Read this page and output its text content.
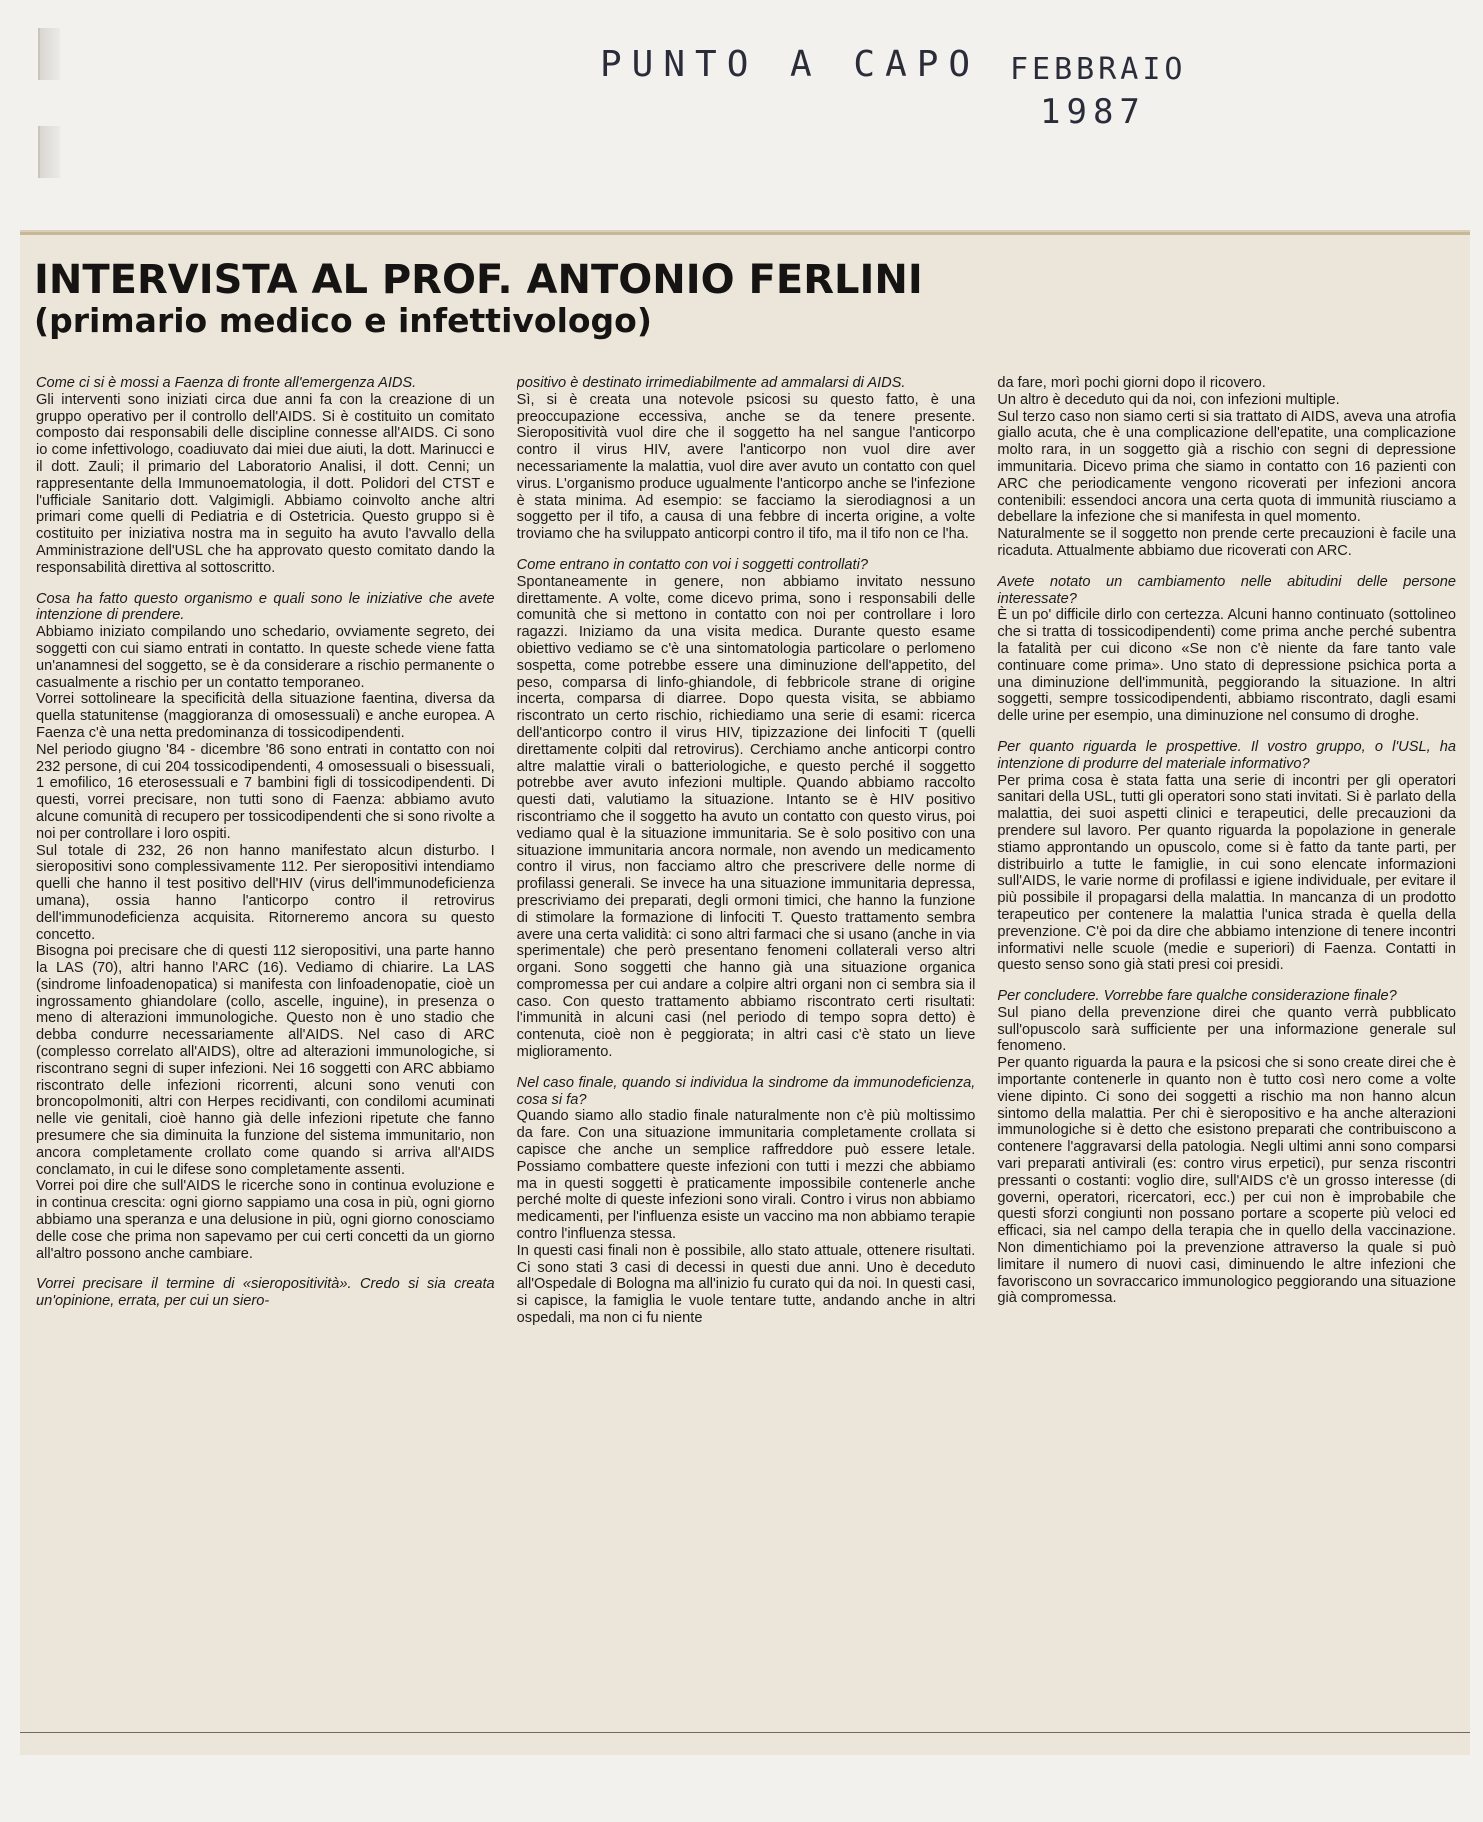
PUNTO A CAPO FEBBRAIO
1987
INTERVISTA AL PROF. ANTONIO FERLINI
(primario medico e infettivologo)

Come ci si è mossi a Faenza di fronte all'emergenza AIDS.

Gli interventi sono iniziati circa due anni fa con la creazione di un gruppo operativo per il controllo dell'AIDS. Si è costituito un comitato composto dai responsabili delle discipline connesse all'AIDS. Ci sono io come infettivologo, coadiuvato dai miei due aiuti, la dott. Marinucci e il dott. Zauli; il primario del Laboratorio Analisi, il dott. Cenni; un rappresentante della Immunoematologia, il dott. Polidori del CTST e l'ufficiale Sanitario dott. Valgimigli. Abbiamo coinvolto anche altri primari come quelli di Pediatria e di Ostetricia. Questo gruppo si è costituito per iniziativa nostra ma in seguito ha avuto l'avvallo della Amministrazione dell'USL che ha approvato questo comitato dando la responsabilità direttiva al sottoscritto.

Cosa ha fatto questo organismo e quali sono le iniziative che avete intenzione di prendere.

Abbiamo iniziato compilando uno schedario, ovviamente segreto, dei soggetti con cui siamo entrati in contatto. In queste schede viene fatta un'anamnesi del soggetto, se è da considerare a rischio permanente o casualmente a rischio per un contatto temporaneo.

Vorrei sottolineare la specificità della situazione faentina, diversa da quella statunitense (maggioranza di omosessuali) e anche europea. A Faenza c'è una netta predominanza di tossicodipendenti.

Nel periodo giugno '84 - dicembre '86 sono entrati in contatto con noi 232 persone, di cui 204 tossicodipendenti, 4 omosessuali o bisessuali, 1 emofilico, 16 eterosessuali e 7 bambini figli di tossicodipendenti. Di questi, vorrei precisare, non tutti sono di Faenza: abbiamo avuto alcune comunità di recupero per tossicodipendenti che si sono rivolte a noi per controllare i loro ospiti.

Sul totale di 232, 26 non hanno manifestato alcun disturbo. I sieropositivi sono complessivamente 112. Per sieropositivi intendiamo quelli che hanno il test positivo dell'HIV (virus dell'immunodeficienza umana), ossia hanno l'anticorpo contro il retrovirus dell'immunodeficienza acquisita. Ritorneremo ancora su questo concetto.

Bisogna poi precisare che di questi 112 sieropositivi, una parte hanno la LAS (70), altri hanno l'ARC (16). Vediamo di chiarire. La LAS (sindrome linfoadenopatica) si manifesta con linfoadenopatie, cioè un ingrossamento ghiandolare (collo, ascelle, inguine), in presenza o meno di alterazioni immunologiche. Questo non è uno stadio che debba condurre necessariamente all'AIDS. Nel caso di ARC (complesso correlato all'AIDS), oltre ad alterazioni immunologiche, si riscontrano segni di super infezioni. Nei 16 soggetti con ARC abbiamo riscontrato delle infezioni ricorrenti, alcuni sono venuti con broncopolmoniti, altri con Herpes recidivanti, con condilomi acuminati nelle vie genitali, cioè hanno già delle infezioni ripetute che fanno presumere che sia diminuita la funzione del sistema immunitario, non ancora completamente crollato come quando si arriva all'AIDS conclamato, in cui le difese sono completamente assenti.

Vorrei poi dire che sull'AIDS le ricerche sono in continua evoluzione e in continua crescita: ogni giorno sappiamo una cosa in più, ogni giorno abbiamo una speranza e una delusione in più, ogni giorno conosciamo delle cose che prima non sapevamo per cui certi concetti da un giorno all'altro possono anche cambiare.

Vorrei precisare il termine di «sieropositività». Credo si sia creata un'opinione, errata, per cui un siero-

positivo è destinato irrimediabilmente ad ammalarsi di AIDS.

Sì, si è creata una notevole psicosi su questo fatto, è una preoccupazione eccessiva, anche se da tenere presente. Sieropositività vuol dire che il soggetto ha nel sangue l'anticorpo contro il virus HIV, avere l'anticorpo non vuol dire aver necessariamente la malattia, vuol dire aver avuto un contatto con quel virus. L'organismo produce ugualmente l'anticorpo anche se l'infezione è stata minima. Ad esempio: se facciamo la sierodiagnosi a un soggetto per il tifo, a causa di una febbre di incerta origine, a volte troviamo che ha sviluppato anticorpi contro il tifo, ma il tifo non ce l'ha.

Come entrano in contatto con voi i soggetti controllati?

Spontaneamente in genere, non abbiamo invitato nessuno direttamente. A volte, come dicevo prima, sono i responsabili delle comunità che si mettono in contatto con noi per controllare i loro ragazzi. Iniziamo da una visita medica. Durante questo esame obiettivo vediamo se c'è una sintomatologia particolare o perlomeno sospetta, come potrebbe essere una diminuzione dell'appetito, del peso, comparsa di linfo-ghiandole, di febbricole strane di origine incerta, comparsa di diarree. Dopo questa visita, se abbiamo riscontrato un certo rischio, richiediamo una serie di esami: ricerca dell'anticorpo contro il virus HIV, tipizzazione dei linfociti T (quelli direttamente colpiti dal retrovirus). Cerchiamo anche anticorpi contro altre malattie virali o batteriologiche, e questo perché il soggetto potrebbe aver avuto infezioni multiple. Quando abbiamo raccolto questi dati, valutiamo la situazione. Intanto se è HIV positivo riscontriamo che il soggetto ha avuto un contatto con questo virus, poi vediamo qual è la situazione immunitaria. Se è solo positivo con una situazione immunitaria ancora normale, non avendo un medicamento contro il virus, non facciamo altro che prescrivere delle norme di profilassi generali. Se invece ha una situazione immunitaria depressa, prescriviamo dei preparati, degli ormoni timici, che hanno la funzione di stimolare la formazione di linfociti T. Questo trattamento sembra avere una certa validità: ci sono altri farmaci che si usano (anche in via sperimentale) che però presentano fenomeni collaterali verso altri organi. Sono soggetti che hanno già una situazione organica compromessa per cui andare a colpire altri organi non ci sembra sia il caso. Con questo trattamento abbiamo riscontrato certi risultati: l'immunità in alcuni casi (nel periodo di tempo sopra detto) è contenuta, cioè non è peggiorata; in altri casi c'è stato un lieve miglioramento.

Nel caso finale, quando si individua la sindrome da immunodeficienza, cosa si fa?

Quando siamo allo stadio finale naturalmente non c'è più moltissimo da fare. Con una situazione immunitaria completamente crollata si capisce che anche un semplice raffreddore può essere letale. Possiamo combattere queste infezioni con tutti i mezzi che abbiamo ma in questi soggetti è praticamente impossibile contenerle anche perché molte di queste infezioni sono virali. Contro i virus non abbiamo medicamenti, per l'influenza esiste un vaccino ma non abbiamo terapie contro l'influenza stessa.

In questi casi finali non è possibile, allo stato attuale, ottenere risultati. Ci sono stati 3 casi di decessi in questi due anni. Uno è deceduto all'Ospedale di Bologna ma all'inizio fu curato qui da noi. In questi casi, si capisce, la famiglia le vuole tentare tutte, andando anche in altri ospedali, ma non ci fu niente

da fare, morì pochi giorni dopo il ricovero.

Un altro è deceduto qui da noi, con infezioni multiple.

Sul terzo caso non siamo certi si sia trattato di AIDS, aveva una atrofia giallo acuta, che è una complicazione dell'epatite, una complicazione molto rara, in un soggetto già a rischio con segni di depressione immunitaria. Dicevo prima che siamo in contatto con 16 pazienti con ARC che periodicamente vengono ricoverati per infezioni ancora contenibili: essendoci ancora una certa quota di immunità riusciamo a debellare la infezione che si manifesta in quel momento.

Naturalmente se il soggetto non prende certe precauzioni è facile una ricaduta. Attualmente abbiamo due ricoverati con ARC.

Avete notato un cambiamento nelle abitudini delle persone interessate?

È un po' difficile dirlo con certezza. Alcuni hanno continuato (sottolineo che si tratta di tossicodipendenti) come prima anche perché subentra la fatalità per cui dicono «Se non c'è niente da fare tanto vale continuare come prima». Uno stato di depressione psichica porta a una diminuzione dell'immunità, peggiorando la situazione. In altri soggetti, sempre tossicodipendenti, abbiamo riscontrato, dagli esami delle urine per esempio, una diminuzione nel consumo di droghe.

Per quanto riguarda le prospettive. Il vostro gruppo, o l'USL, ha intenzione di produrre del materiale informativo?

Per prima cosa è stata fatta una serie di incontri per gli operatori sanitari della USL, tutti gli operatori sono stati invitati. Si è parlato della malattia, dei suoi aspetti clinici e terapeutici, delle precauzioni da prendere sul lavoro. Per quanto riguarda la popolazione in generale stiamo approntando un opuscolo, come si è fatto da tante parti, per distribuirlo a tutte le famiglie, in cui sono elencate informazioni sull'AIDS, le varie norme di profilassi e igiene individuale, per evitare il più possibile il propagarsi della malattia. In mancanza di un prodotto terapeutico per contenere la malattia l'unica strada è quella della prevenzione. C'è poi da dire che abbiamo intenzione di tenere incontri informativi nelle scuole (medie e superiori) di Faenza. Contatti in questo senso sono già stati presi coi presidi.

Per concludere. Vorrebbe fare qualche considerazione finale?

Sul piano della prevenzione direi che quanto verrà pubblicato sull'opuscolo sarà sufficiente per una informazione generale sul fenomeno.

Per quanto riguarda la paura e la psicosi che si sono create direi che è importante contenerle in quanto non è tutto così nero come a volte viene dipinto. Ci sono dei soggetti a rischio ma non hanno alcun sintomo della malattia. Per chi è sieropositivo e ha anche alterazioni immunologiche si è detto che esistono preparati che contribuiscono a contenere l'aggravarsi della patologia. Negli ultimi anni sono comparsi vari preparati antivirali (es: contro virus erpetici), pur senza riscontri pressanti o costanti: voglio dire, sull'AIDS c'è un grosso interesse (di governi, operatori, ricercatori, ecc.) per cui non è improbabile che questi sforzi congiunti non possano portare a scoperte più veloci ed efficaci, sia nel campo della terapia che in quello della vaccinazione. Non dimentichiamo poi la prevenzione attraverso la quale si può limitare il numero di nuovi casi, diminuendo le altre infezioni che favoriscono un sovraccarico immunologico peggiorando una situazione già compromessa.
